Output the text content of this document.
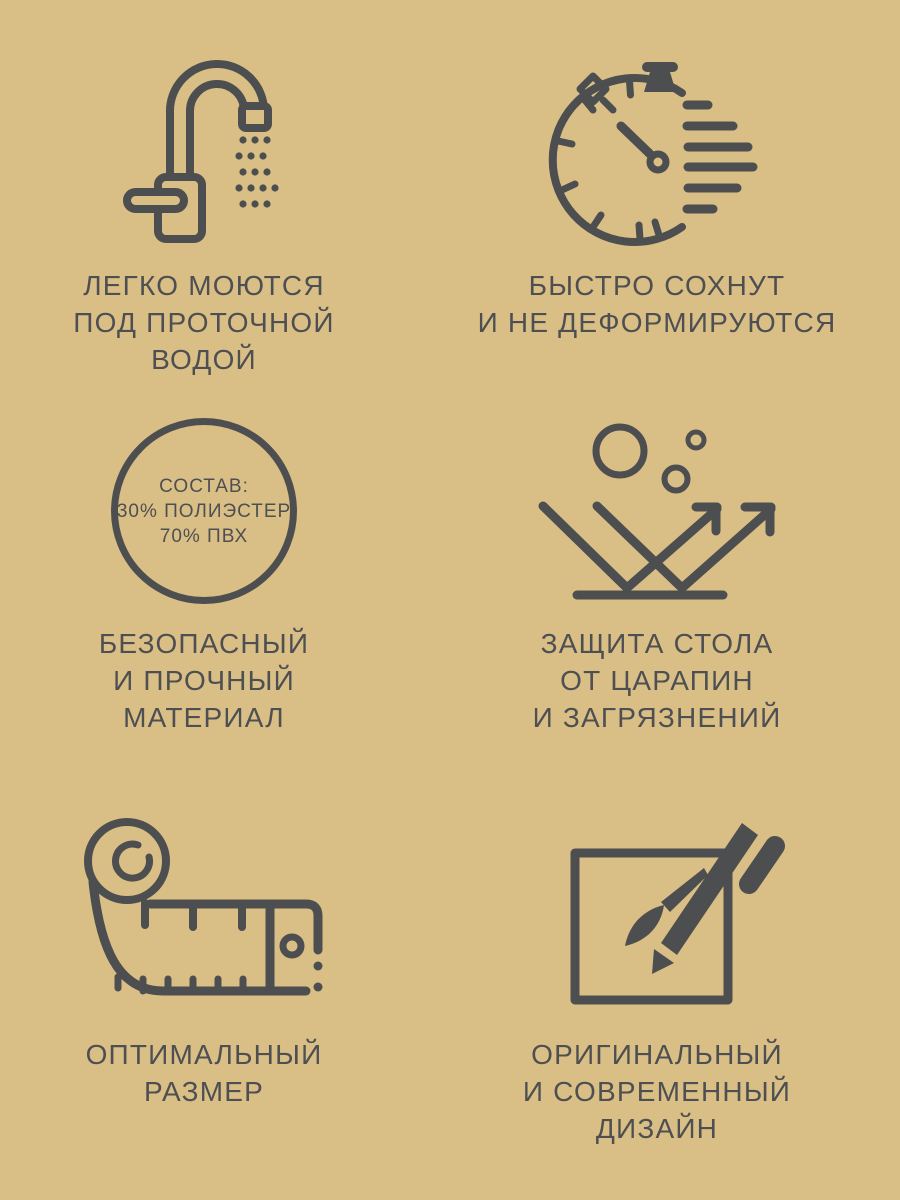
ЛЕГКО МОЮТСЯ
ПОД ПРОТОЧНОЙ
ВОДОЙ
БЫСТРО СОХНУТ
И НЕ ДЕФОРМИРУЮТСЯ
СОСТАВ:
30% ПОЛИЭСТЕР
70% ПВХ
БЕЗОПАСНЫЙ
И ПРОЧНЫЙ
МАТЕРИАЛ
ЗАЩИТА СТОЛА
ОТ ЦАРАПИН
И ЗАГРЯЗНЕНИЙ
ОПТИМАЛЬНЫЙ
РАЗМЕР
ОРИГИНАЛЬНЫЙ
И СОВРЕМЕННЫЙ
ДИЗАЙН
